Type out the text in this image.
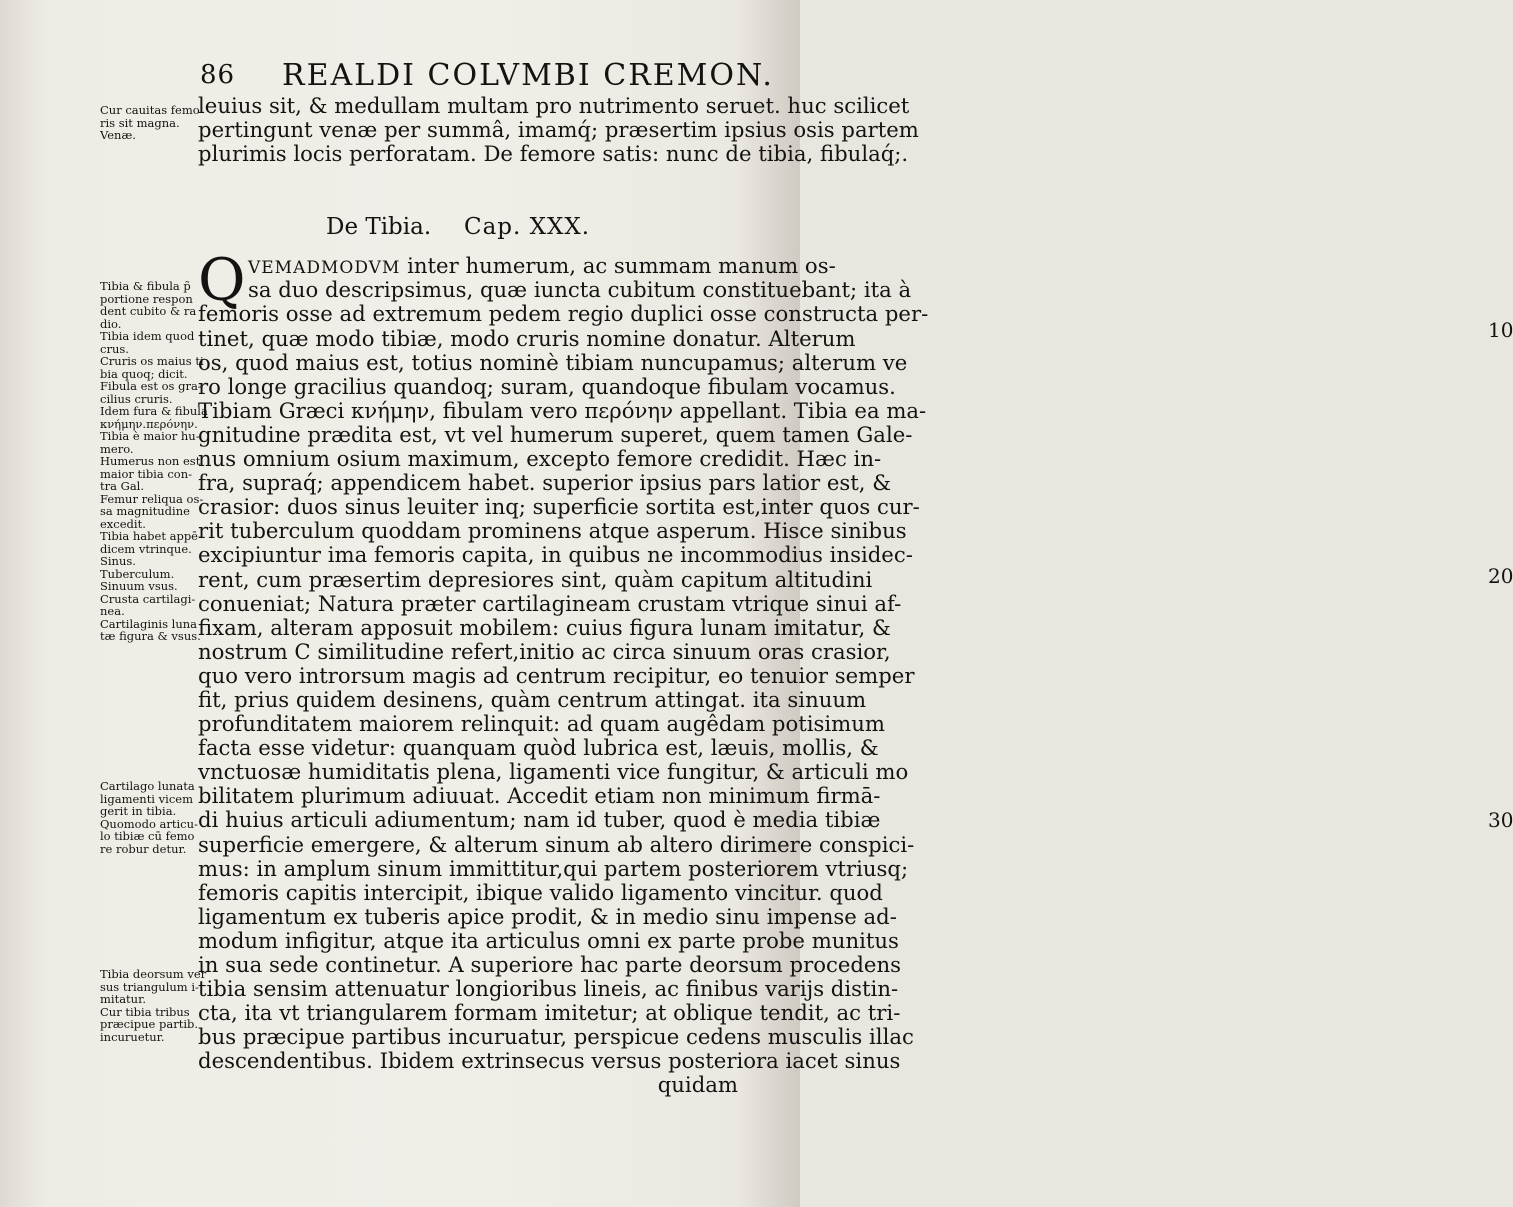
86 REALDI COLVMBI CREMON.
Cur cauitas femo
ris sit magna.
Venæ.
Tibia & fibula p̃
portione respon
dent cubito & ra
dio.
Tibia idem quod
crus.
Cruris os maius ti
bia quoq; dicit.
Fibula est os gra-
cilius cruris.
Idem fura & fibula
κνήμην.περόνην.
Tibia è maior hu-
mero.
Humerus non est
maior tibia con-
tra Gal.
Femur reliqua os-
sa magnitudine
excedit.
Tibia habet appē-
dicem vtrinque.
Sinus.
Tuberculum.
Sinuum vsus.
Crusta cartilagi-
nea.
Cartilaginis luna
tæ figura & vsus.
Cartilago lunata
ligamenti vicem
gerit in tibia.
Quomodo articu-
lo tibiæ cū femo
re robur detur.
Tibia deorsum ver
sus triangulum i-
mitatur.
Cur tibia tribus
præcipue partib.
incuruetur.
leuius sit, & medullam multam pro nutrimento seruet. huc scilicet
pertingunt venæ per summâ, imamq́; præsertim ipsius osis partem
plurimis locis perforatam. De femore satis: nunc de tibia, fibulaq́;.
De Tibia. Cap. XXX.
Q VEMADMODVM inter humerum, ac summam manum os-
sa duo descripsimus, quæ iuncta cubitum constituebant; ita à
femoris osse ad extremum pedem regio duplici osse constructa per-
tinet, quæ modo tibiæ, modo cruris nomine donatur. Alterum
os, quod maius est, totius nominè tibiam nuncupamus; alterum ve
ro longe gracilius quandoq; suram, quandoque fibulam vocamus.
Tibiam Græci κνήμην, fibulam vero περόνην appellant. Tibia ea ma-
gnitudine prædita est, vt vel humerum superet, quem tamen Gale-
nus omnium osium maximum, excepto femore credidit. Hæc in-
fra, supraq́; appendicem habet. superior ipsius pars latior est, &
crasior: duos sinus leuiter inq; superficie sortita est,inter quos cur-
rit tuberculum quoddam prominens atque asperum. Hisce sinibus
excipiuntur ima femoris capita, in quibus ne incommodius insideⅽ-
rent, cum præsertim depresiores sint, quàm capitum altitudini
conueniat; Natura præter cartilagineam crustam vtrique sinui af-
fixam, alteram apposuit mobilem: cuius figura lunam imitatur, &
nostrum C similitudine refert,initio ac circa sinuum oras crasior,
quo vero introrsum magis ad centrum recipitur, eo tenuior semper
fit, prius quidem desinens, quàm centrum attingat. ita sinuum
profunditatem maiorem relinquit: ad quam augêdam potisimum
facta esse videtur: quanquam quòd lubrica est, læuis, mollis, &
vnctuosæ humiditatis plena, ligamenti vice fungitur, & articuli mo
bilitatem plurimum adiuuat. Accedit etiam non minimum firmā-
di huius articuli adiumentum; nam id tuber, quod è media tibiæ
superficie emergere, & alterum sinum ab altero dirimere conspici-
mus: in amplum sinum immittitur,qui partem posteriorem vtriusq;
femoris capitis intercipit, ibique valido ligamento vincitur. quod
ligamentum ex tuberis apice prodit, & in medio sinu impense ad-
modum infigitur, atque ita articulus omni ex parte probe munitus
in sua sede continetur. A superiore hac parte deorsum procedens
tibia sensim attenuatur longioribus lineis, ac finibus varijs distin-
cta, ita vt triangularem formam imitetur; at oblique tendit, ac tri-
bus præcipue partibus incuruatur, perspicue cedens musculis illac
descendentibus. Ibidem extrinsecus versus posteriora iacet sinus
quidam
10
20
30
